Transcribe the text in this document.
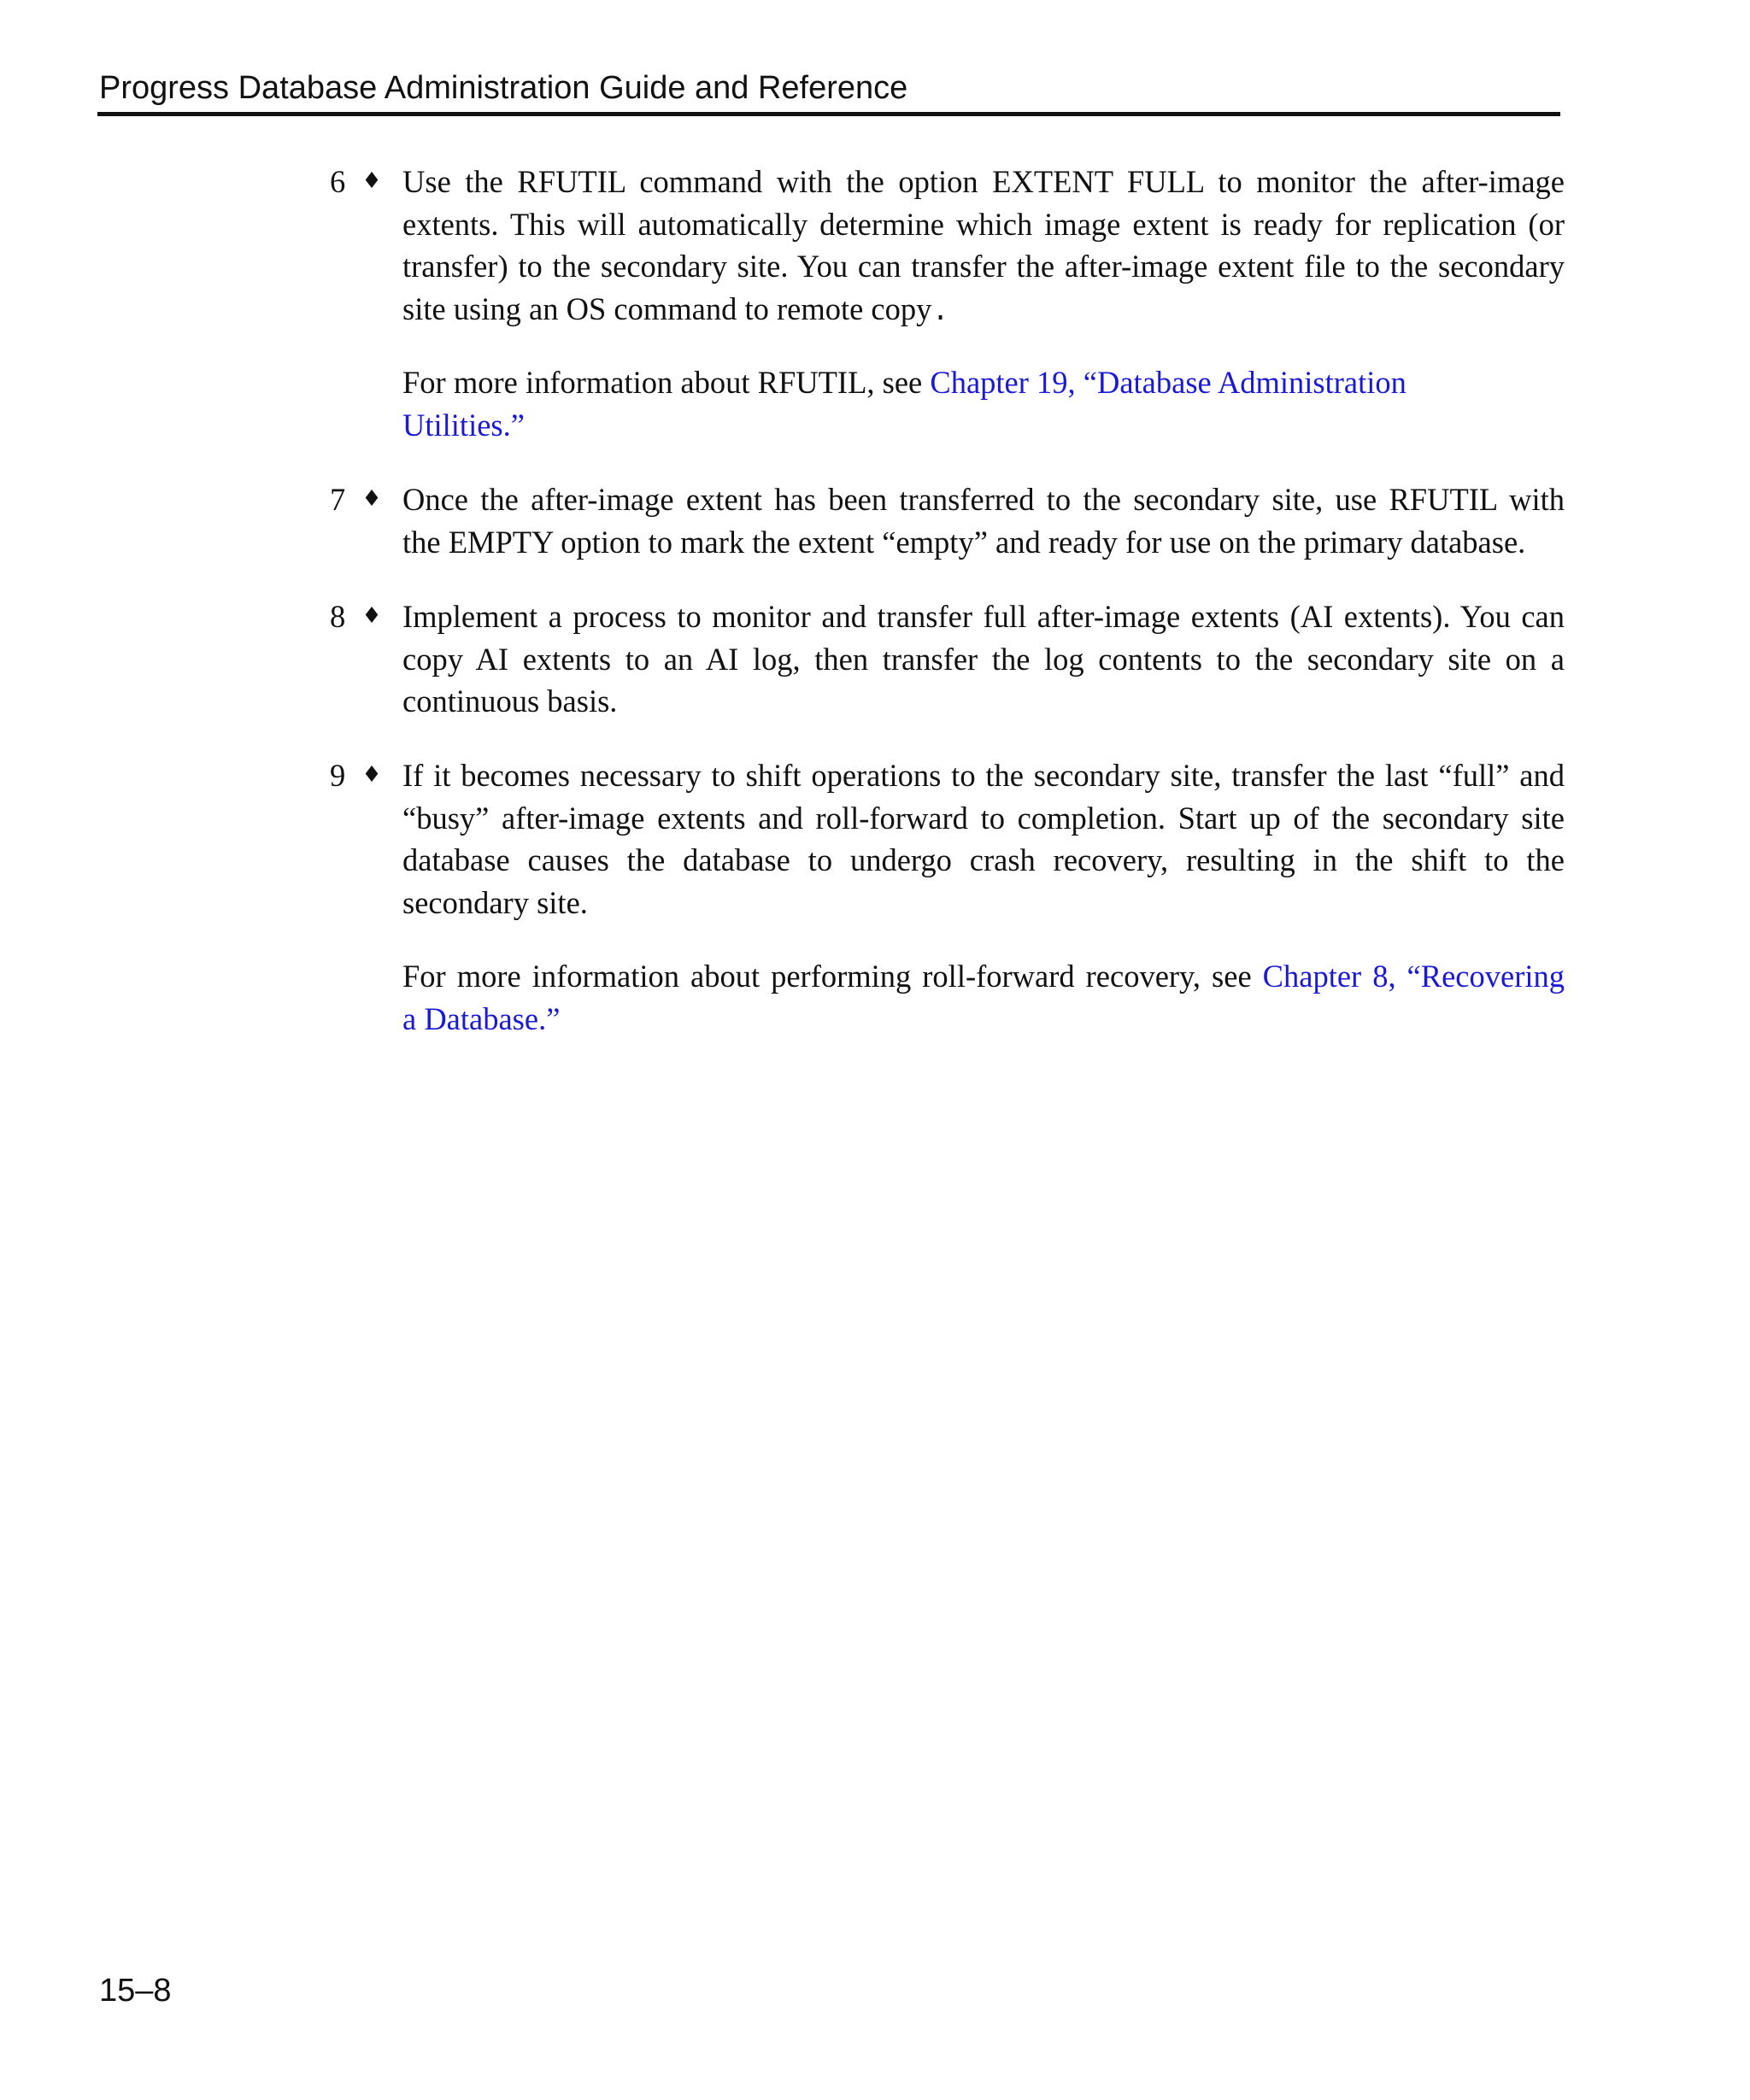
Progress Database Administration Guide and Reference
6 ♦ Use the RFUTIL command with the option EXTENT FULL to monitor the after-image
extents. This will automatically determine which image extent is ready for replication (or
transfer) to the secondary site. You can transfer the after-image extent file to the secondary
site using an OS command to remote copy.
For more information about RFUTIL, see Chapter 19, “Database Administration
Utilities.”
7 ♦ Once the after-image extent has been transferred to the secondary site, use RFUTIL with
the EMPTY option to mark the extent “empty” and ready for use on the primary database.
8 ♦ Implement a process to monitor and transfer full after-image extents (AI extents). You can
copy AI extents to an AI log, then transfer the log contents to the secondary site on a
continuous basis.
9 ♦ If it becomes necessary to shift operations to the secondary site, transfer the last “full” and
“busy” after-image extents and roll-forward to completion. Start up of the secondary site
database causes the database to undergo crash recovery, resulting in the shift to the
secondary site.
For more information about performing roll-forward recovery, see Chapter 8, “Recovering
a Database.”
15–8
